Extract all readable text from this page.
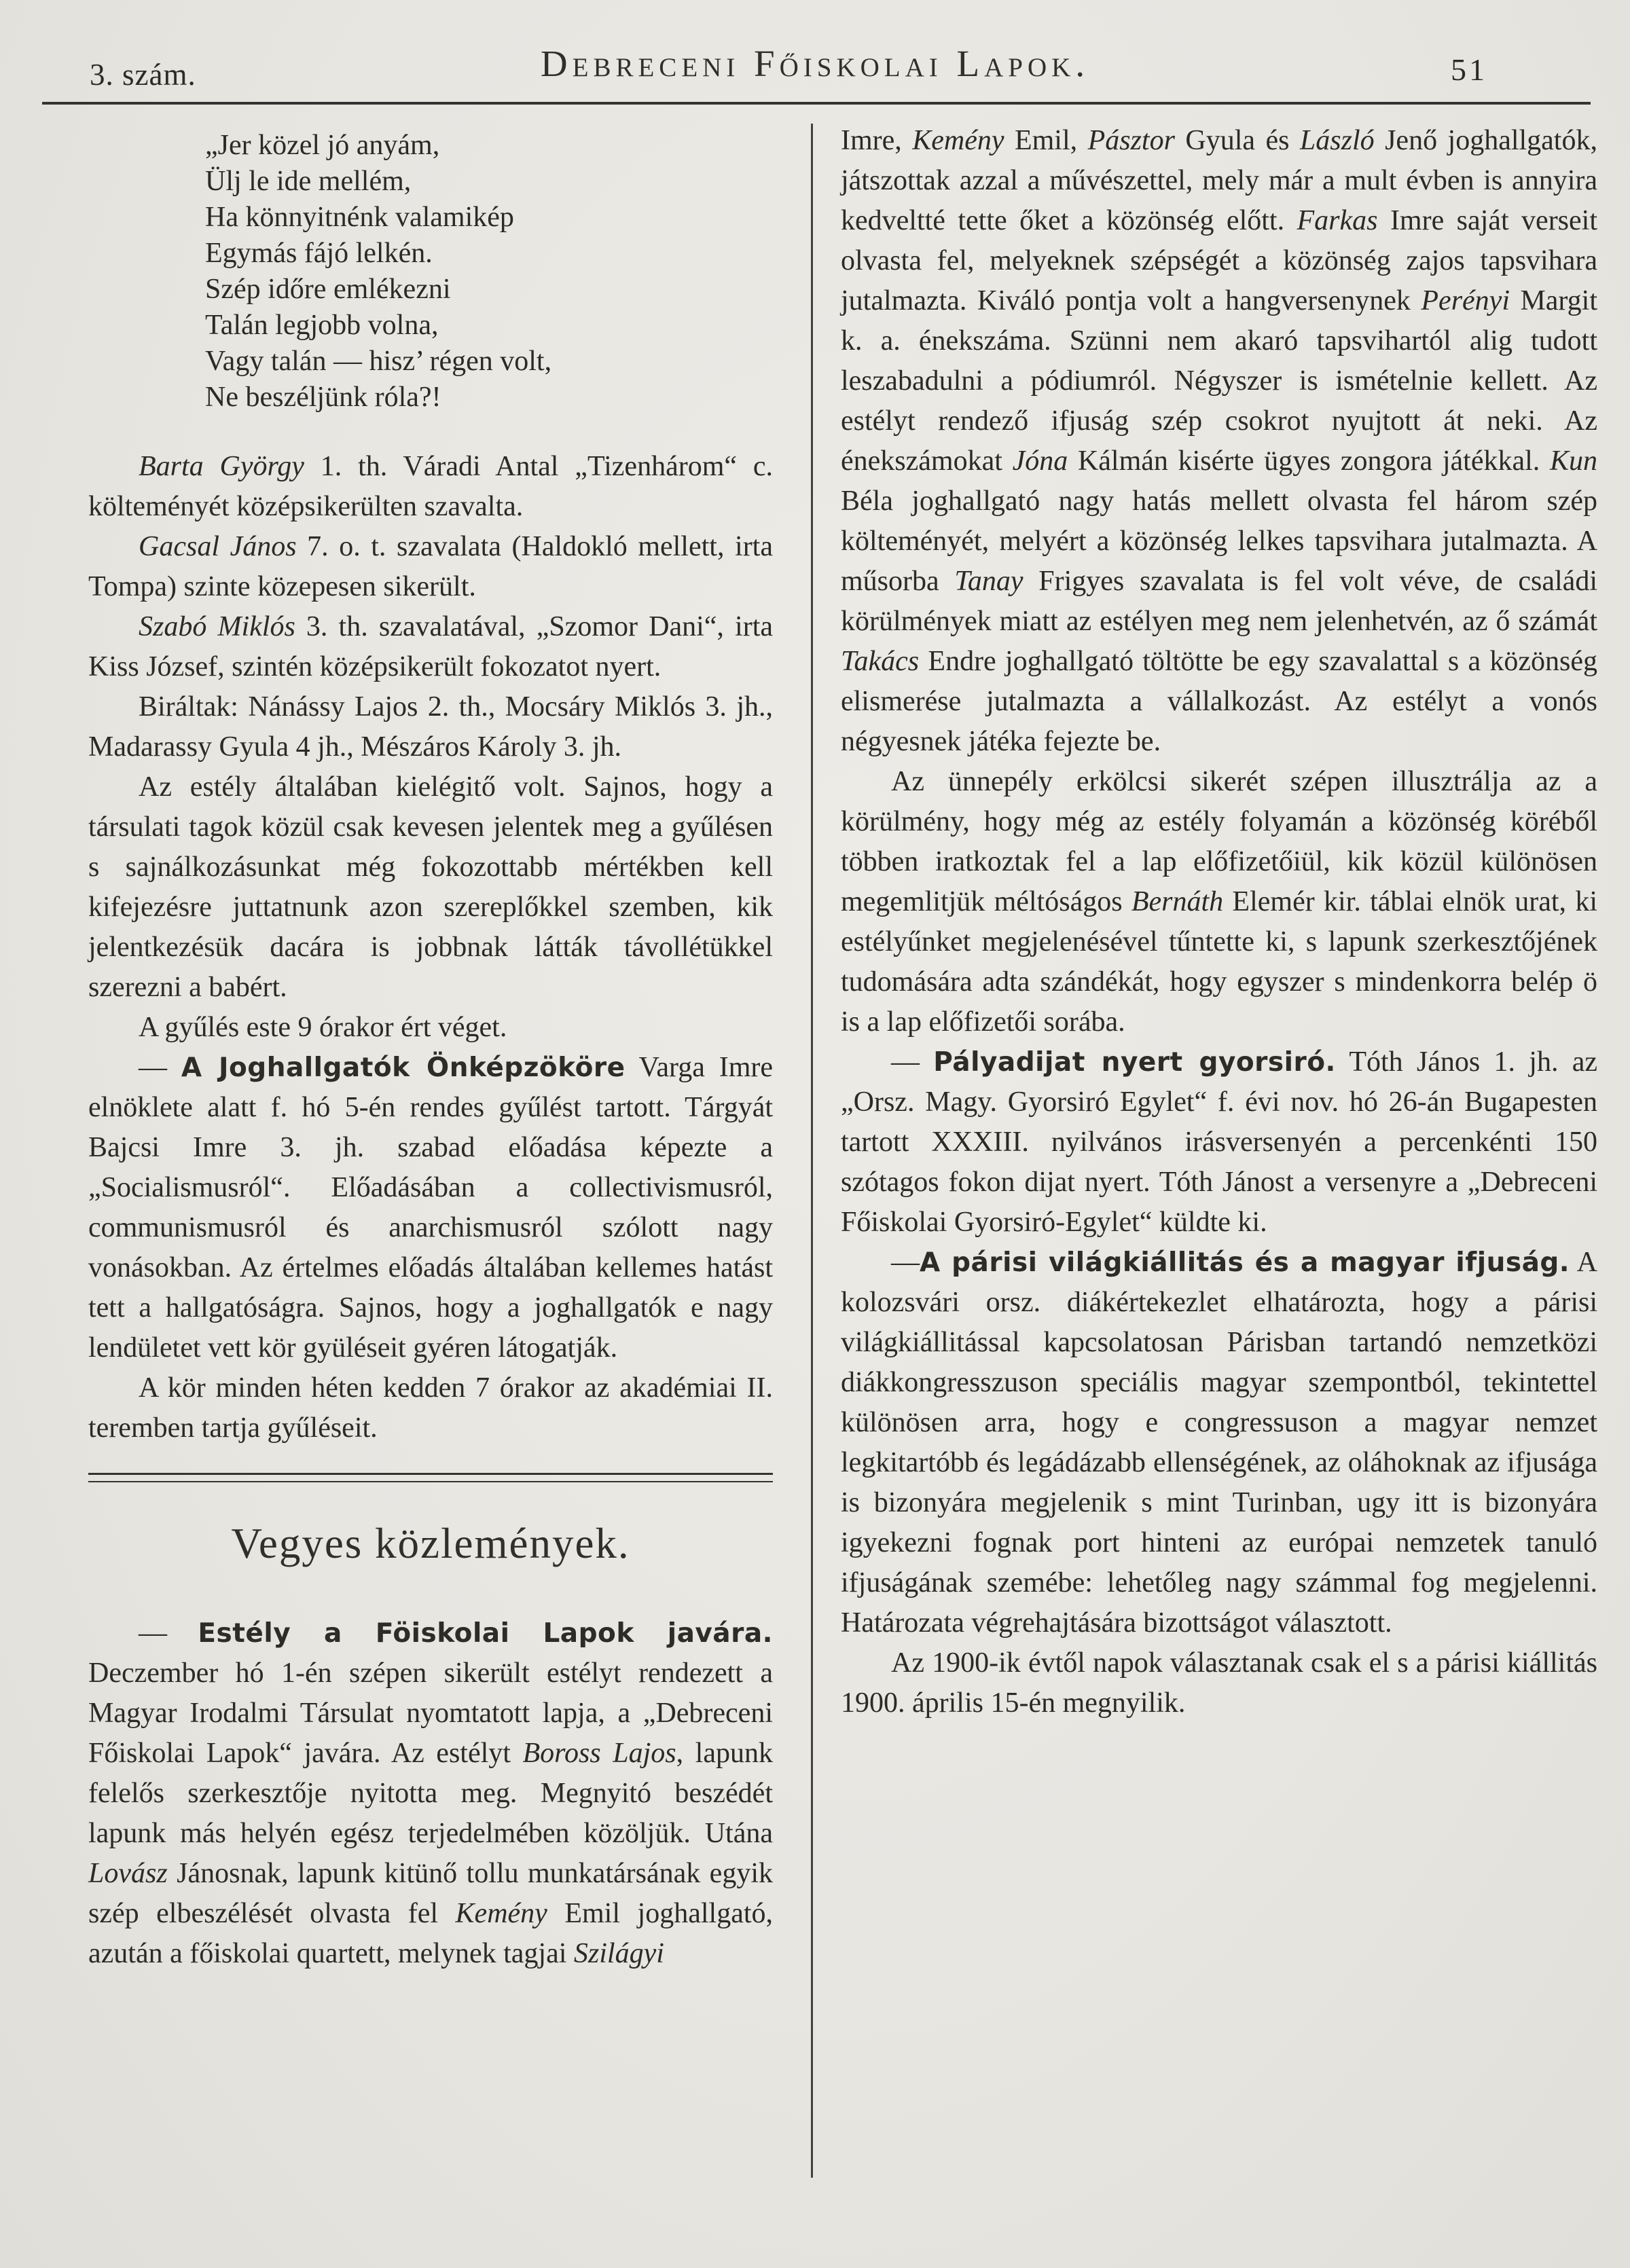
3. szám.	Debreceni Főiskolai Lapok.	51
„Jer közel jó anyám,
Ülj le ide mellém,
Ha könnyitnénk valamikép
Egymás fájó lelkén.
Szép időre emlékezni
Talán legjobb volna,
Vagy talán — hisz’ régen volt,
Ne beszéljünk róla?!

Barta György 1. th. Váradi Antal „Tizenhárom“ c. költeményét középsikerülten szavalta.

Gacsal János 7. o. t. szavalata (Haldokló mellett, irta Tompa) szinte közepesen sikerült.

Szabó Miklós 3. th. szavalatával, „Szomor Dani“, irta Kiss József, szintén középsikerült fokozatot nyert.

Biráltak: Nánássy Lajos 2. th., Mocsáry Miklós 3. jh., Madarassy Gyula 4 jh., Mészáros Károly 3. jh.

Az estély általában kielégitő volt. Sajnos, hogy a társulati tagok közül csak kevesen jelentek meg a gyűlésen s sajnálkozásunkat még fokozottabb mértékben kell kifejezésre juttatnunk azon szereplőkkel szemben, kik jelentkezésük dacára is jobbnak látták távollétükkel szerezni a babért.

A gyűlés este 9 órakor ért véget.

— A Joghallgatók Önképzököre Varga Imre elnöklete alatt f. hó 5-én rendes gyűlést tartott. Tárgyát Bajcsi Imre 3. jh. szabad előadása képezte a „Socialismusról“. Előadásában a collectivismusról, communismusról és anarchismusról szólott nagy vonásokban. Az értelmes előadás általában kellemes hatást tett a hallgatóságra. Sajnos, hogy a joghallgatók e nagy lendületet vett kör gyüléseit gyéren látogatják.

A kör minden héten kedden 7 órakor az akadémiai II. teremben tartja gyűléseit.

Vegyes közlemények.

— Estély a Föiskolai Lapok javára. Deczember hó 1-én szépen sikerült estélyt rendezett a Magyar Irodalmi Társulat nyomtatott lapja, a „Debreceni Főiskolai Lapok“ javára. Az estélyt Boross Lajos, lapunk felelős szerkesztője nyitotta meg. Megnyitó beszédét lapunk más helyén egész terjedelmében közöljük. Utána Lovász Jánosnak, lapunk kitünő tollu munkatársának egyik szép elbeszélését olvasta fel Kemény Emil joghallgató, azután a főiskolai quartett, melynek tagjai Szilágyi

Imre, Kemény Emil, Pásztor Gyula és László Jenő joghallgatók, játszottak azzal a művészettel, mely már a mult évben is annyira kedveltté tette őket a közönség előtt. Farkas Imre saját verseit olvasta fel, melyeknek szépségét a közönség zajos tapsvihara jutalmazta. Kiváló pontja volt a hangversenynek Perényi Margit k. a. énekszáma. Szünni nem akaró tapsvihartól alig tudott leszabadulni a pódiumról. Négyszer is ismételnie kellett. Az estélyt rendező ifjuság szép csokrot nyujtott át neki. Az énekszámokat Jóna Kálmán kisérte ügyes zongora játékkal. Kun Béla joghallgató nagy hatás mellett olvasta fel három szép költeményét, melyért a közönség lelkes tapsvihara jutalmazta. A műsorba Tanay Frigyes szavalata is fel volt véve, de családi körülmények miatt az estélyen meg nem jelenhetvén, az ő számát Takács Endre joghallgató töltötte be egy szavalattal s a közönség elismerése jutalmazta a vállalkozást. Az estélyt a vonós négyesnek játéka fejezte be.

Az ünnepély erkölcsi sikerét szépen illusztrálja az a körülmény, hogy még az estély folyamán a közönség köréből többen iratkoztak fel a lap előfizetőiül, kik közül különösen megemlitjük méltóságos Bernáth Elemér kir. táblai elnök urat, ki estélyűnket megjelenésével tűntette ki, s lapunk szerkesztőjének tudomására adta szándékát, hogy egyszer s mindenkorra belép ö is a lap előfizetői sorába.

— Pályadijat nyert gyorsiró. Tóth János 1. jh. az „Orsz. Magy. Gyorsiró Egylet“ f. évi nov. hó 26-án Bugapesten tartott XXXIII. nyilvános irásversenyén a percenkénti 150 szótagos fokon dijat nyert. Tóth Jánost a versenyre a „Debreceni Főiskolai Gyorsiró-Egylet“ küldte ki.

—A párisi világkiállitás és a magyar ifjuság. A kolozsvári orsz. diákértekezlet elhatározta, hogy a párisi világkiállitással kapcsolatosan Párisban tartandó nemzetközi diákkongresszuson speciális magyar szempontból, tekintettel különösen arra, hogy e congressuson a magyar nemzet legkitartóbb és legádázabb ellenségének, az oláhoknak az ifjusága is bizonyára megjelenik s mint Turinban, ugy itt is bizonyára igyekezni fognak port hinteni az európai nemzetek tanuló ifjuságának szemébe: lehetőleg nagy számmal fog megjelenni. Határozata végrehajtására bizottságot választott.

Az 1900-ik évtől napok választanak csak el s a párisi kiállitás 1900. április 15-én megnyilik.
